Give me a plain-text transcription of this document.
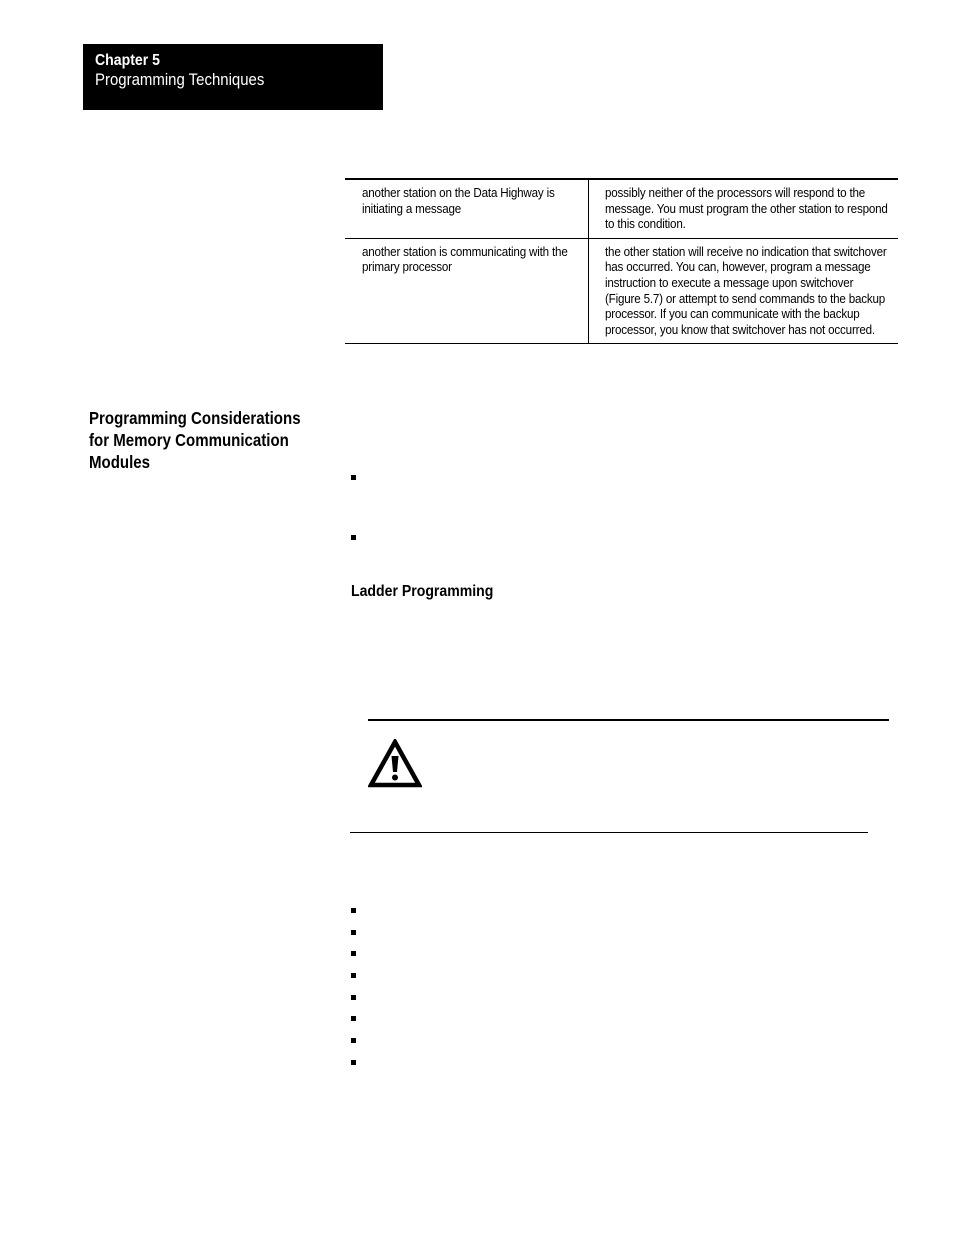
Chapter 5
Programming Techniques
another station on the Data Highway is initiating a message	possibly neither of the processors will respond to the message. You must program the other station to respond to this condition.

another station is communicating with the primary processor	the other station will receive no indication that switchover has occurred. You can, however, program a message instruction to execute a message upon switchover (Figure 5.7) or attempt to send commands to the backup processor. If you can communicate with the backup processor, you know that switchover has not occurred.
Programming Considerations
for Memory Communication
Modules
Ladder Programming
